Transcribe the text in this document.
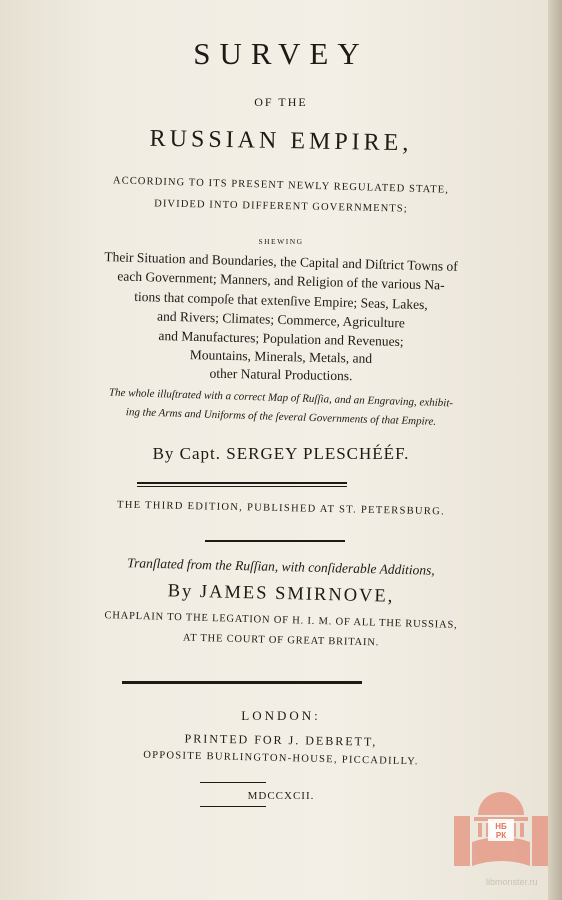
SURVEY
OF THE
RUSSIAN EMPIRE,
ACCORDING TO ITS PRESENT NEWLY REGULATED STATE,
DIVIDED INTO DIFFERENT GOVERNMENTS;
SHEWING
Their Situation and Boundaries, the Capital and Diſtrict Towns of
each Government; Manners, and Religion of the various Na-
tions that compoſe that extenſive Empire; Seas, Lakes,
and Rivers; Climates; Commerce, Agriculture
and Manufactures; Population and Revenues;
Mountains, Minerals, Metals, and
other Natural Productions.
The whole illuſtrated with a correct Map of Ruſſia, and an Engraving, exhibit-
ing the Arms and Uniforms of the ſeveral Governments of that Empire.
By Capt. SERGEY PLESCHÉÉF.
THE THIRD EDITION, PUBLISHED AT ST. PETERSBURG.
Tranſlated from the Ruſſian, with conſiderable Additions,
By JAMES SMIRNOVE,
CHAPLAIN TO THE LEGATION OF H. I. M. OF ALL THE RUSSIAS,
AT THE COURT OF GREAT BRITAIN.
LONDON:
PRINTED FOR J. DEBRETT,
OPPOSITE BURLINGTON-HOUSE, PICCADILLY.
MDCCXCII.
НБ
РК
libmonster.ru
